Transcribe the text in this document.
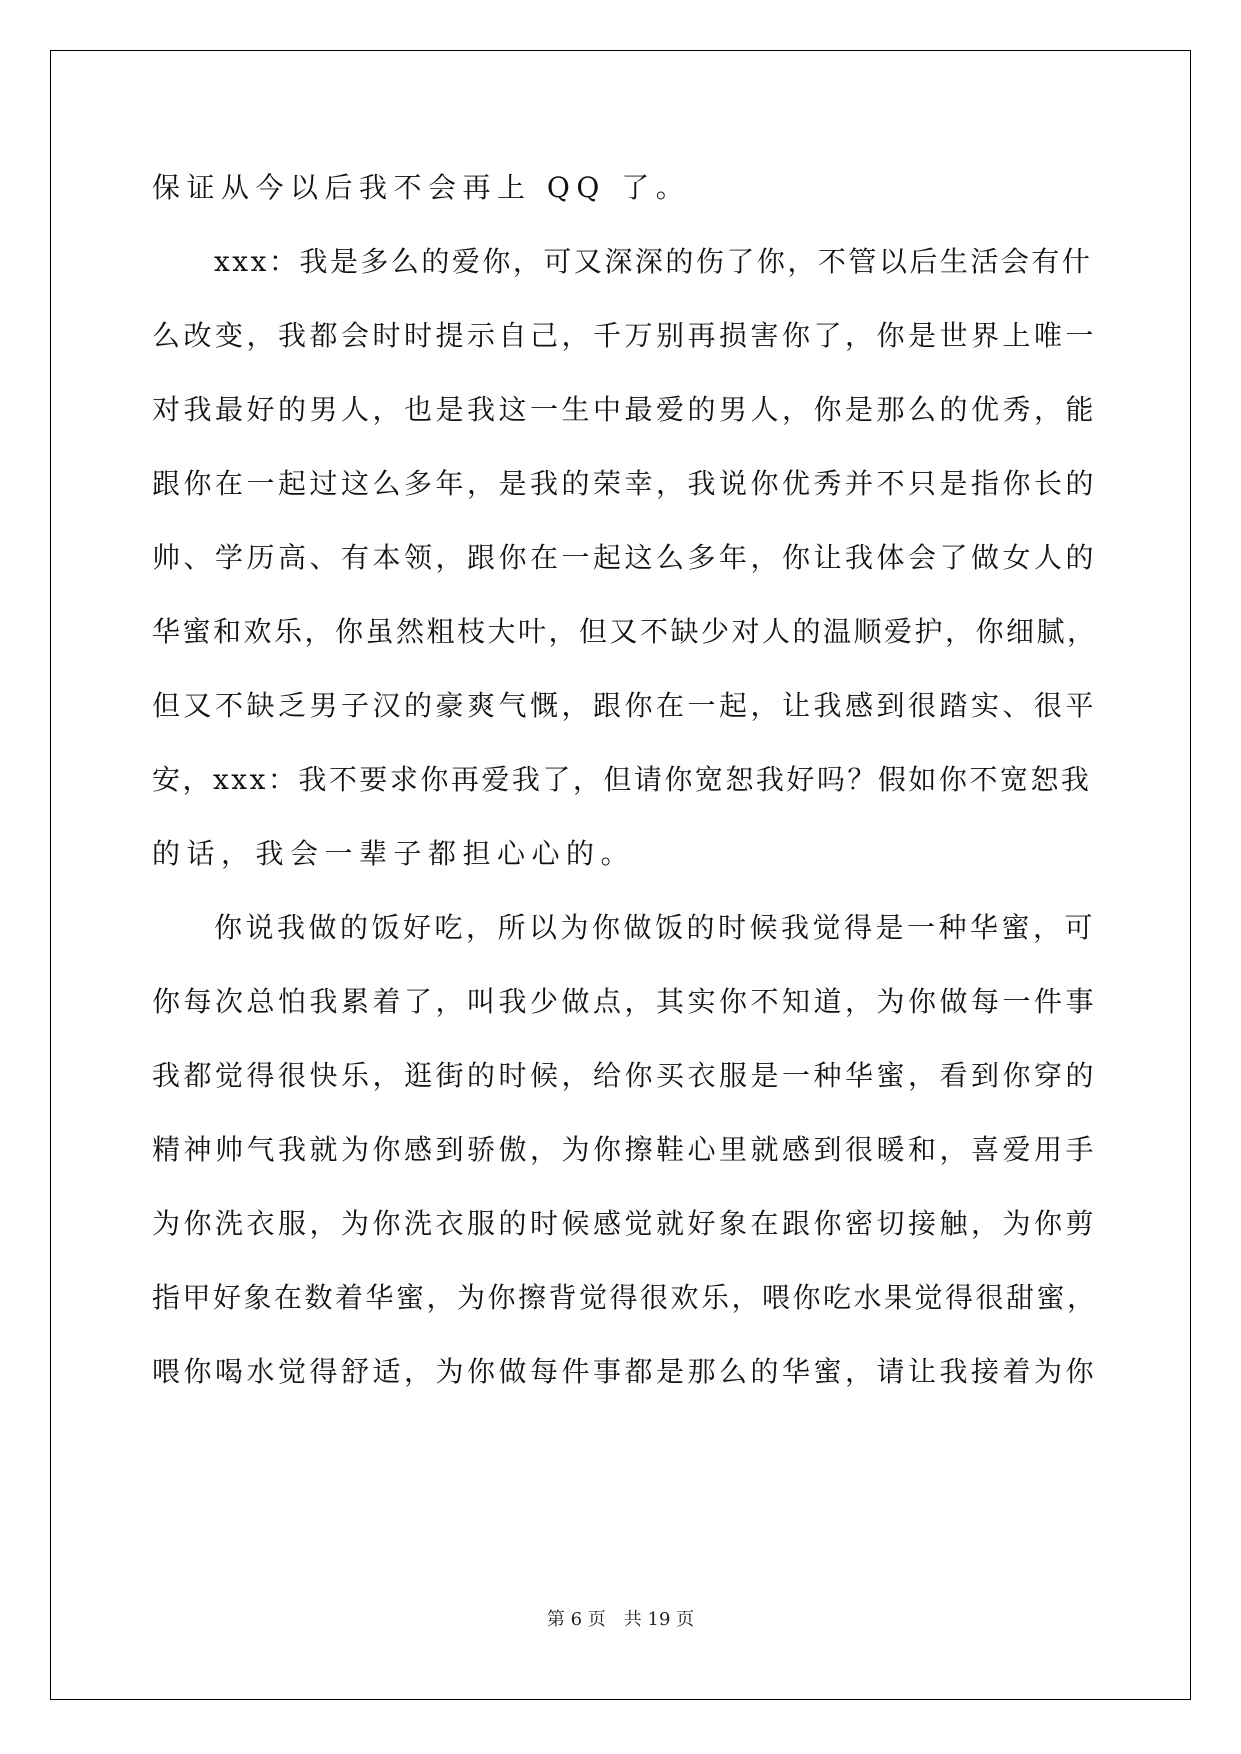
保证从今以后我不会再上 QQ 了。
xxx：我是多么的爱你，可又深深的伤了你，不管以后生活会有什
么改变，我都会时时提示自己，千万别再损害你了，你是世界上唯一
对我最好的男人，也是我这一生中最爱的男人，你是那么的优秀，能
跟你在一起过这么多年，是我的荣幸，我说你优秀并不只是指你长的
帅、学历高、有本领，跟你在一起这么多年，你让我体会了做女人的
华蜜和欢乐，你虽然粗枝大叶，但又不缺少对人的温顺爱护，你细腻，
但又不缺乏男子汉的豪爽气慨，跟你在一起，让我感到很踏实、很平
安，xxx：我不要求你再爱我了，但请你宽恕我好吗？假如你不宽恕我
的话，我会一辈子都担心心的。
你说我做的饭好吃，所以为你做饭的时候我觉得是一种华蜜，可
你每次总怕我累着了，叫我少做点，其实你不知道，为你做每一件事
我都觉得很快乐，逛街的时候，给你买衣服是一种华蜜，看到你穿的
精神帅气我就为你感到骄傲，为你擦鞋心里就感到很暖和，喜爱用手
为你洗衣服，为你洗衣服的时候感觉就好象在跟你密切接触，为你剪
指甲好象在数着华蜜，为你擦背觉得很欢乐，喂你吃水果觉得很甜蜜，
喂你喝水觉得舒适，为你做每件事都是那么的华蜜，请让我接着为你
第 6 页　共 19 页
